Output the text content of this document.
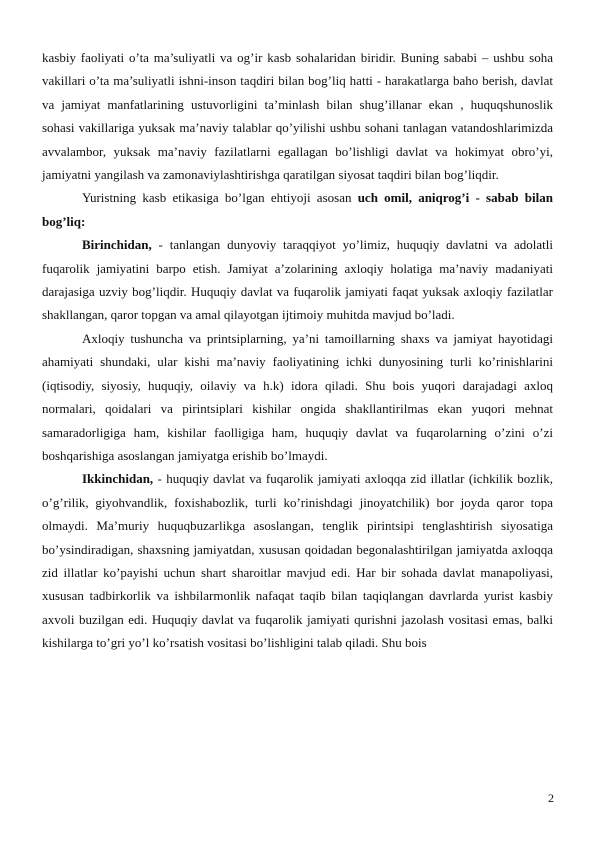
kasbiy faoliyati o’ta ma’suliyatli va og’ir kasb sohalaridan biridir. Buning sababi – ushbu soha vakillari o’ta ma’suliyatli ishni-inson taqdiri bilan bog’liq hatti - harakatlarga baho berish, davlat va jamiyat manfatlarining ustuvorligini ta’minlash bilan shug’illanar ekan , huquqshunoslik sohasi vakillariga yuksak ma’naviy talablar qo’yilishi ushbu sohani tanlagan vatandoshlarimizda avvalambor, yuksak ma’naviy fazilatlarni egallagan bo’lishligi davlat va hokimyat obro’yi, jamiyatni yangilash va zamonaviylashtirishga qaratilgan siyosat taqdiri bilan bog’liqdir.

Yuristning kasb etikasiga bo’lgan ehtiyoji asosan uch omil, aniqrog’i - sabab bilan bog’liq:

Birinchidan, - tanlangan dunyoviy taraqqiyot yo’limiz, huquqiy davlatni va adolatli fuqarolik jamiyatini barpo etish. Jamiyat a’zolarining axloqiy holatiga ma’naviy madaniyati darajasiga uzviy bog’liqdir. Huquqiy davlat va fuqarolik jamiyati faqat yuksak axloqiy fazilatlar shakllangan, qaror topgan va amal qilayotgan ijtimoiy muhitda mavjud bo’ladi.

Axloqiy tushuncha va printsiplarning, ya’ni tamoillarning shaxs va jamiyat hayotidagi ahamiyati shundaki, ular kishi ma’naviy faoliyatining ichki dunyosining turli ko’rinishlarini (iqtisodiy, siyosiy, huquqiy, oilaviy va h.k) idora qiladi. Shu bois yuqori darajadagi axloq normalari, qoidalari va pirintsiplari kishilar ongida shakllantirilmas ekan yuqori mehnat samaradorligiga ham, kishilar faolligiga ham, huquqiy davlat va fuqarolarning o’zini o’zi boshqarishiga asoslangan jamiyatga erishib bo’lmaydi.

Ikkinchidan, - huquqiy davlat va fuqarolik jamiyati axloqqa zid illatlar (ichkilik bozlik, o’g’rilik, giyohvandlik, foxishabozlik, turli ko’rinishdagi jinoyatchilik) bor joyda qaror topa olmaydi. Ma’muriy huquqbuzarlikga asoslangan, tenglik pirintsipi tenglashtirish siyosatiga bo’ysindiradigan, shaxsning jamiyatdan, xususan qoidadan begonalashtirilgan jamiyatda axloqqa zid illatlar ko’payishi uchun shart sharoitlar mavjud edi. Har bir sohada davlat manapoliyasi, xususan tadbirkorlik va ishbilarmonlik nafaqat taqib bilan taqiqlangan davrlarda yurist kasbiy axvoli buzilgan edi. Huquqiy davlat va fuqarolik jamiyati qurishni jazolash vositasi emas, balki kishilarga to’gri yo’l ko’rsatish vositasi bo’lishligini talab qiladi. Shu bois

2
